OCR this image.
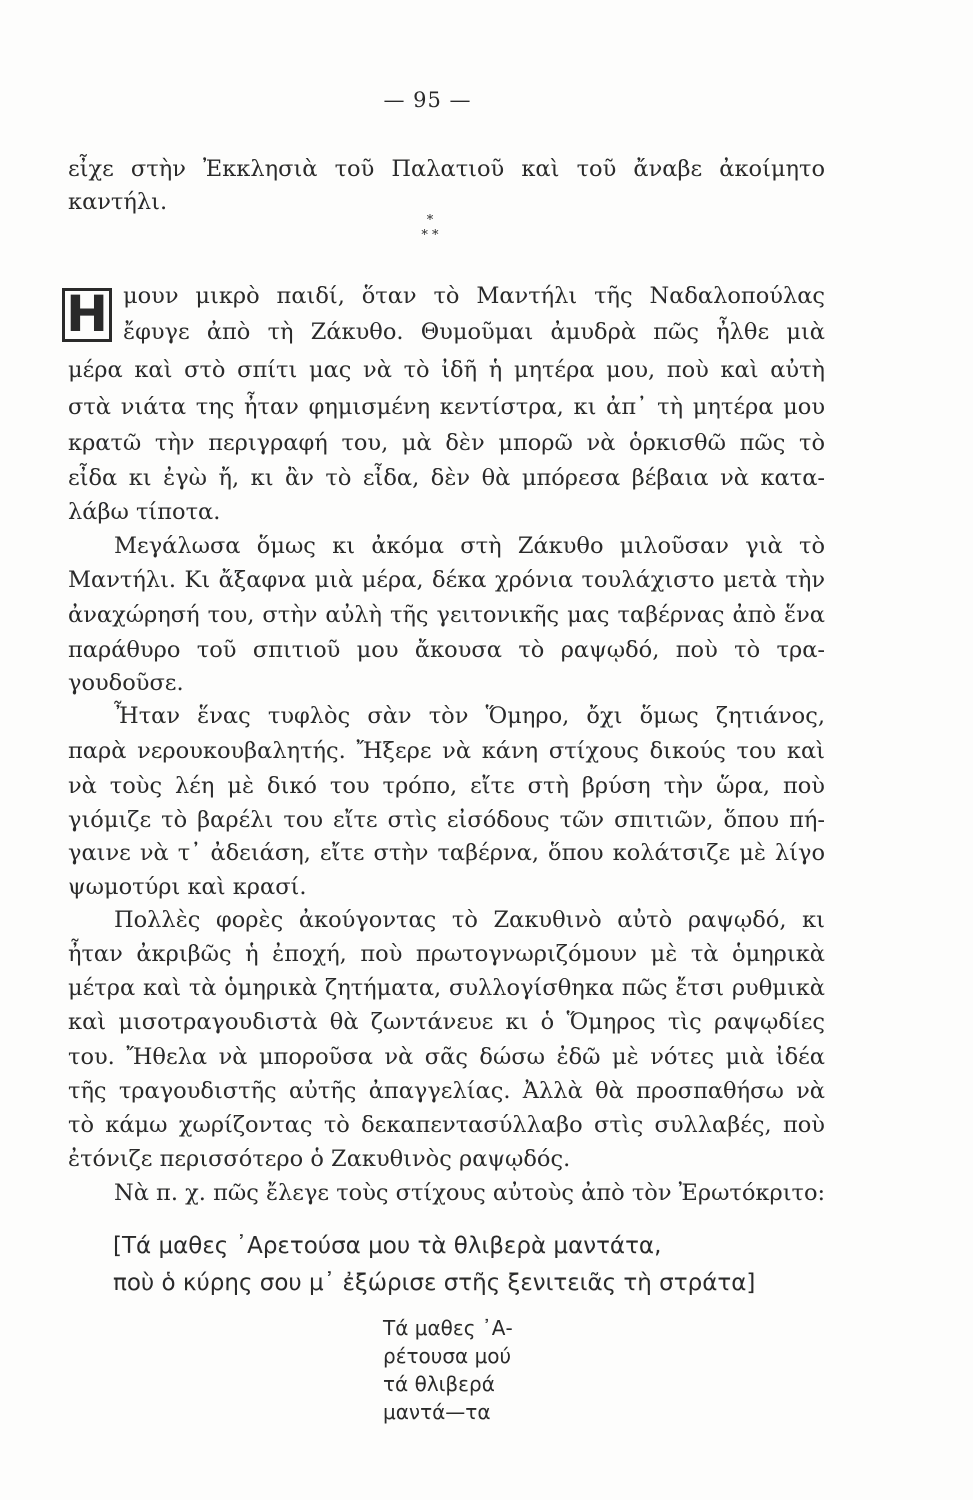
— 95 —
εἶχε στὴν Ἐκκλησιὰ τοῦ Παλατιοῦ καὶ τοῦ ἄναβε ἀκοίμητο
καντήλι.
*
* *
Η μουν μικρὸ παιδί, ὅταν τὸ Μαντήλι τῆς Ναδαλοπούλας
ἔφυγε ἀπὸ τὴ Ζάκυθο. Θυμοῦμαι ἀμυδρὰ πῶς ἦλθε μιὰ
μέρα καὶ στὸ σπίτι μας νὰ τὸ ἰδῆ ἡ μητέρα μου, ποὺ καὶ αὐτὴ
στὰ νιάτα της ἦταν φημισμένη κεντίστρα, κι ἀπ᾽ τὴ μητέρα μου
κρατῶ τὴν περιγραφή του, μὰ δὲν μπορῶ νὰ ὁρκισθῶ πῶς τὸ
εἶδα κι ἐγὼ ἤ, κι ἂν τὸ εἶδα, δὲν θὰ μπόρεσα βέβαια νὰ κατα-
λάβω τίποτα.
Μεγάλωσα ὅμως κι ἀκόμα στὴ Ζάκυθο μιλοῦσαν γιὰ τὸ
Μαντήλι. Κι ἄξαφνα μιὰ μέρα, δέκα χρόνια τουλάχιστο μετὰ τὴν
ἀναχώρησή του, στὴν αὐλὴ τῆς γειτονικῆς μας ταβέρνας ἀπὸ ἕνα
παράθυρο τοῦ σπιτιοῦ μου ἄκουσα τὸ ραψῳδό, ποὺ τὸ τρα-
γουδοῦσε.
Ἦταν ἕνας τυφλὸς σὰν τὸν Ὅμηρο, ὄχι ὅμως ζητιάνος,
παρὰ νερουκουβαλητής. Ἤξερε νὰ κάνη στίχους δικούς του καὶ
νὰ τοὺς λέη μὲ δικό του τρόπο, εἴτε στὴ βρύση τὴν ὥρα, ποὺ
γιόμιζε τὸ βαρέλι του εἴτε στὶς εἰσόδους τῶν σπιτιῶν, ὅπου πή-
γαινε νὰ τ᾽ ἀδειάση, εἴτε στὴν ταβέρνα, ὅπου κολάτσιζε μὲ λίγο
ψωμοτύρι καὶ κρασί.
Πολλὲς φορὲς ἀκούγοντας τὸ Ζακυθινὸ αὐτὸ ραψῳδό, κι
ἦταν ἀκριβῶς ἡ ἐποχή, ποὺ πρωτογνωριζόμουν μὲ τὰ ὁμηρικὰ
μέτρα καὶ τὰ ὁμηρικὰ ζητήματα, συλλογίσθηκα πῶς ἔτσι ρυθμικὰ
καὶ μισοτραγουδιστὰ θὰ ζωντάνευε κι ὁ Ὅμηρος τὶς ραψῳδίες
του. Ἤθελα νὰ μποροῦσα νὰ σᾶς δώσω ἐδῶ μὲ νότες μιὰ ἰδέα
τῆς τραγουδιστῆς αὐτῆς ἀπαγγελίας. Ἀλλὰ θὰ προσπαθήσω νὰ
τὸ κάμω χωρίζοντας τὸ δεκαπεντασύλλαβο στὶς συλλαβές, ποὺ
ἐτόνιζε περισσότερο ὁ Ζακυθινὸς ραψῳδός.
Νὰ π. χ. πῶς ἔλεγε τοὺς στίχους αὐτοὺς ἀπὸ τὸν Ἐρωτόκριτο:
[Τά μαθες ᾽Αρετούσα μου τὰ θλιβερὰ μαντάτα,
ποὺ ὁ κύρης σου μ᾽ ἐξώρισε στῆς ξενιτειᾶς τὴ στράτα]
Τά μαθες ᾽Α-
ρέτουσα μού
τά θλιβερά
μαντά—τα
